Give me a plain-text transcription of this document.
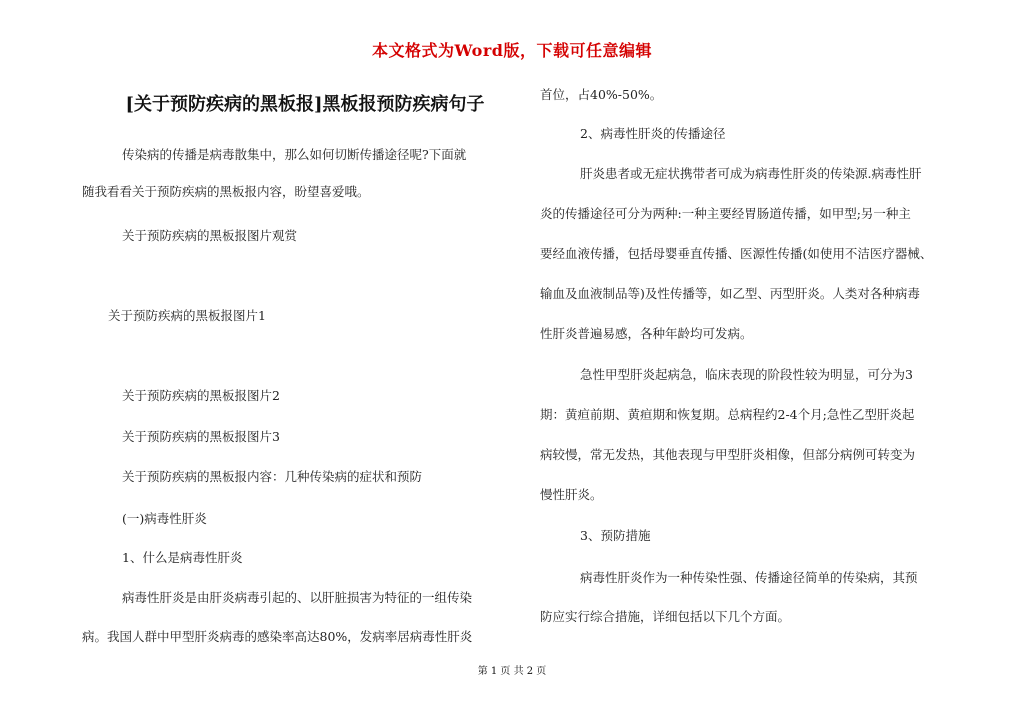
本文格式为Word版，下载可任意编辑
[关于预防疾病的黑板报]黑板报预防疾病句子
传染病的传播是病毒散集中，那么如何切断传播途径呢?下面就
随我看看关于预防疾病的黑板报内容，盼望喜爱哦。
关于预防疾病的黑板报图片观赏
关于预防疾病的黑板报图片1
关于预防疾病的黑板报图片2
关于预防疾病的黑板报图片3
关于预防疾病的黑板报内容：几种传染病的症状和预防
(一)病毒性肝炎
1、什么是病毒性肝炎
病毒性肝炎是由肝炎病毒引起的、以肝脏损害为特征的一组传染
病。我国人群中甲型肝炎病毒的感染率高达80%，发病率居病毒性肝炎
首位，占40%-50%。
2、病毒性肝炎的传播途径
肝炎患者或无症状携带者可成为病毒性肝炎的传染源.病毒性肝
炎的传播途径可分为两种:一种主要经胃肠道传播，如甲型;另一种主
要经血液传播，包括母婴垂直传播、医源性传播(如使用不洁医疗器械、
输血及血液制品等)及性传播等，如乙型、丙型肝炎。人类对各种病毒
性肝炎普遍易感，各种年龄均可发病。
急性甲型肝炎起病急，临床表现的阶段性较为明显，可分为3
期：黄疸前期、黄疸期和恢复期。总病程约2-4个月;急性乙型肝炎起
病较慢，常无发热，其他表现与甲型肝炎相像，但部分病例可转变为
慢性肝炎。
3、预防措施
病毒性肝炎作为一种传染性强、传播途径简单的传染病，其预
防应实行综合措施，详细包括以下几个方面。
第 1 页 共 2 页
